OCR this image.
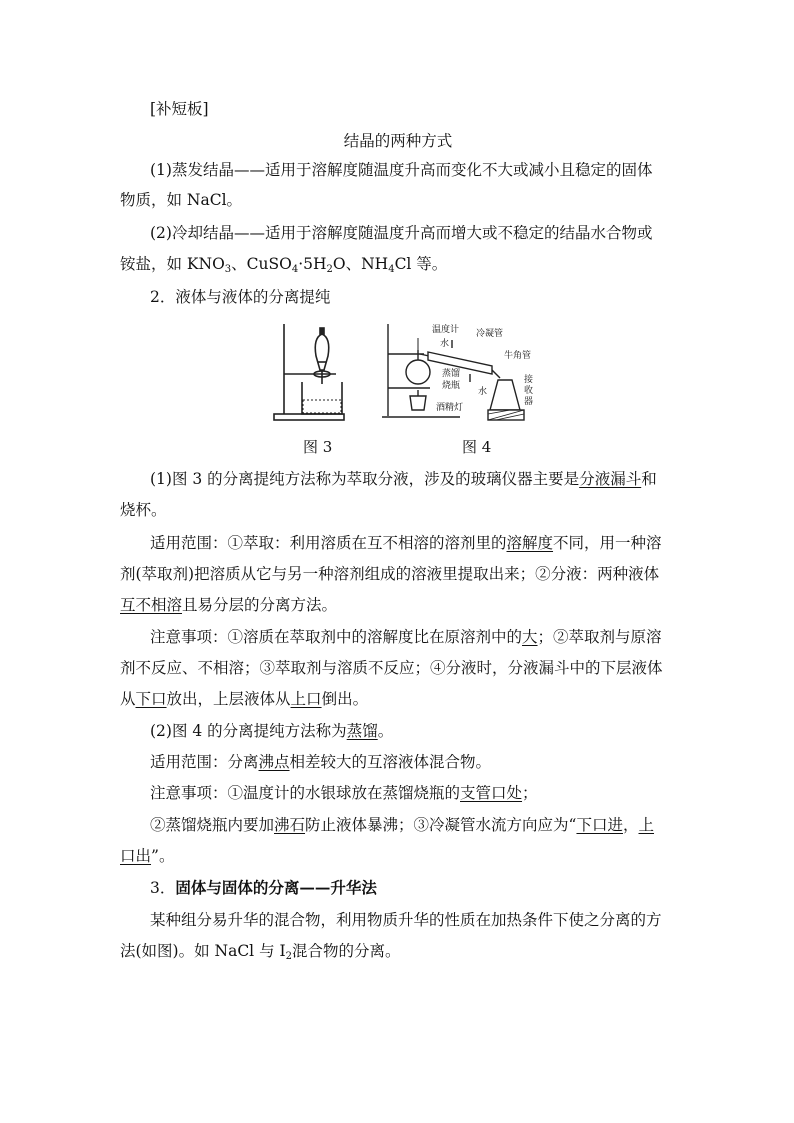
[补短板]
结晶的两种方式
(1)蒸发结晶——适用于溶解度随温度升高而变化不大或减小且稳定的固体
物质，如 NaCl。
(2)冷却结晶——适用于溶解度随温度升高而增大或不稳定的结晶水合物或
铵盐，如 $KNO_3$、$CuSO_4\cdot 5H_2O$、$NH_4Cl$ 等。
2．液体与液体的分离提纯
图 3
温度计
水
冷凝管
牛角管
蒸馏
烧瓶
水
接
收
器
酒精灯
图 4
(1)图 3 的分离提纯方法称为萃取分液，涉及的玻璃仪器主要是分液漏斗和
烧杯。
适用范围：①萃取：利用溶质在互不相溶的溶剂里的溶解度不同，用一种溶
剂(萃取剂)把溶质从它与另一种溶剂组成的溶液里提取出来；②分液：两种液体
互不相溶且易分层的分离方法。
注意事项：①溶质在萃取剂中的溶解度比在原溶剂中的大；②萃取剂与原溶
剂不反应、不相溶；③萃取剂与溶质不反应；④分液时，分液漏斗中的下层液体
从下口放出，上层液体从上口倒出。
(2)图 4 的分离提纯方法称为蒸馏。
适用范围：分离沸点相差较大的互溶液体混合物。
注意事项：①温度计的水银球放在蒸馏烧瓶的支管口处；
②蒸馏烧瓶内要加沸石防止液体暴沸；③冷凝管水流方向应为“下口进，上
口出”。
3．固体与固体的分离——升华法
某种组分易升华的混合物，利用物质升华的性质在加热条件下使之分离的方
法(如图)。如 NaCl 与 $I_2$混合物的分离。
